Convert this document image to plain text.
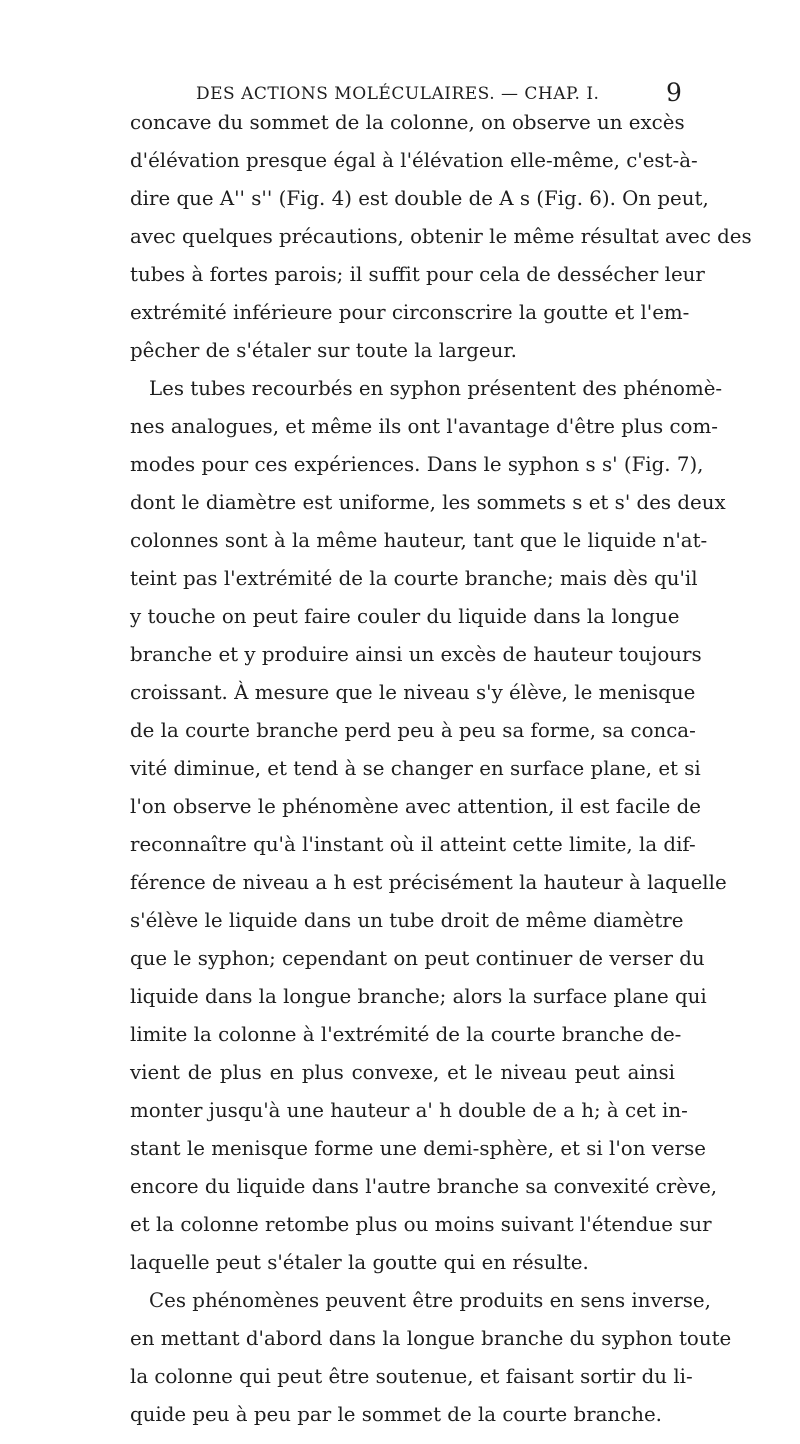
DES ACTIONS MOLÉCULAIRES. — CHAP. I.	9
concave du sommet de la colonne, on observe un excès
d'élévation presque égal à l'élévation elle-même, c'est-à-
dire que A'' s'' (Fig. 4) est double de A s (Fig. 6). On peut,
avec quelques précautions, obtenir le même résultat avec des
tubes à fortes parois; il suffit pour cela de dessécher leur
extrémité inférieure pour circonscrire la goutte et l'em-
pêcher de s'étaler sur toute la largeur.
Les tubes recourbés en syphon présentent des phénomè-
nes analogues, et même ils ont l'avantage d'être plus com-
modes pour ces expériences. Dans le syphon s s' (Fig. 7),
dont le diamètre est uniforme, les sommets s et s' des deux
colonnes sont à la même hauteur, tant que le liquide n'at-
teint pas l'extrémité de la courte branche; mais dès qu'il
y touche on peut faire couler du liquide dans la longue
branche et y produire ainsi un excès de hauteur toujours
croissant. À mesure que le niveau s'y élève, le menisque
de la courte branche perd peu à peu sa forme, sa conca-
vité diminue, et tend à se changer en surface plane, et si
l'on observe le phénomène avec attention, il est facile de
reconnaître qu'à l'instant où il atteint cette limite, la dif-
férence de niveau a h est précisément la hauteur à laquelle
s'élève le liquide dans un tube droit de même diamètre
que le syphon; cependant on peut continuer de verser du
liquide dans la longue branche; alors la surface plane qui
limite la colonne à l'extrémité de la courte branche de-
vient de plus en plus convexe, et le niveau peut ainsi
monter jusqu'à une hauteur a' h double de a h; à cet in-
stant le menisque forme une demi-sphère, et si l'on verse
encore du liquide dans l'autre branche sa convexité crève,
et la colonne retombe plus ou moins suivant l'étendue sur
laquelle peut s'étaler la goutte qui en résulte.
Ces phénomènes peuvent être produits en sens inverse,
en mettant d'abord dans la longue branche du syphon toute
la colonne qui peut être soutenue, et faisant sortir du li-
quide peu à peu par le sommet de la courte branche.
